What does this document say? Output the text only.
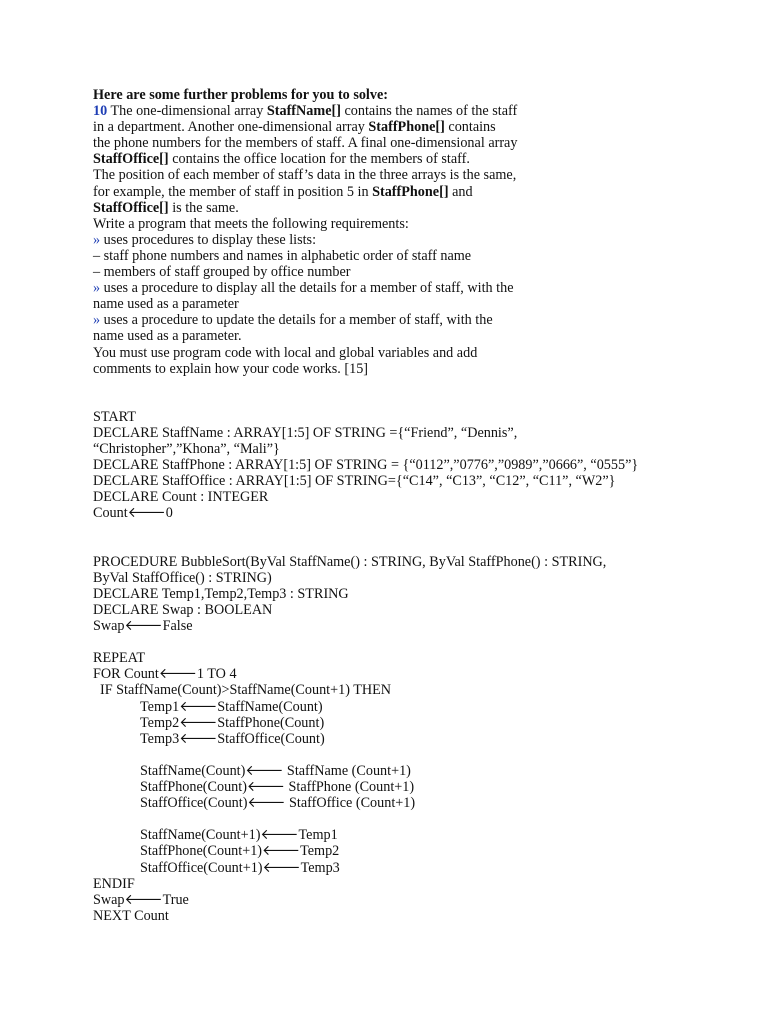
Here are some further problems for you to solve:
10 The one-dimensional array StaffName[] contains the names of the staff
in a department. Another one-dimensional array StaffPhone[] contains
the phone numbers for the members of staff. A final one-dimensional array
StaffOffice[] contains the office location for the members of staff.
The position of each member of staff’s data in the three arrays is the same,
for example, the member of staff in position 5 in StaffPhone[] and
StaffOffice[] is the same.
Write a program that meets the following requirements:
» uses procedures to display these lists:
– staff phone numbers and names in alphabetic order of staff name
– members of staff grouped by office number
» uses a procedure to display all the details for a member of staff, with the
name used as a parameter
» uses a procedure to update the details for a member of staff, with the
name used as a parameter.
You must use program code with local and global variables and add
comments to explain how your code works. [15]
START
DECLARE StaffName : ARRAY[1:5] OF STRING ={“Friend”, “Dennis”,
“Christopher”,”Khona”, “Mali”}
DECLARE StaffPhone : ARRAY[1:5] OF STRING = {“0112”,”0776”,”0989”,”0666”, “0555”}
DECLARE StaffOffice : ARRAY[1:5] OF STRING={“C14”, “C13”, “C12”, “C11”, “W2”}
DECLARE Count : INTEGER
Count🡐0
PROCEDURE BubbleSort(ByVal StaffName() : STRING, ByVal StaffPhone() : STRING,
ByVal StaffOffice() : STRING)
DECLARE Temp1,Temp2,Temp3 : STRING
DECLARE Swap : BOOLEAN
Swap🡐False
REPEAT
FOR Count🡐1 TO 4
IF StaffName(Count)>StaffName(Count+1) THEN
Temp1🡐StaffName(Count)
Temp2🡐StaffPhone(Count)
Temp3🡐StaffOffice(Count)
StaffName(Count)🡐 StaffName (Count+1)
StaffPhone(Count)🡐 StaffPhone (Count+1)
StaffOffice(Count)🡐 StaffOffice (Count+1)
StaffName(Count+1)🡐Temp1
StaffPhone(Count+1)🡐Temp2
StaffOffice(Count+1)🡐Temp3
ENDIF
Swap🡐True
NEXT Count
